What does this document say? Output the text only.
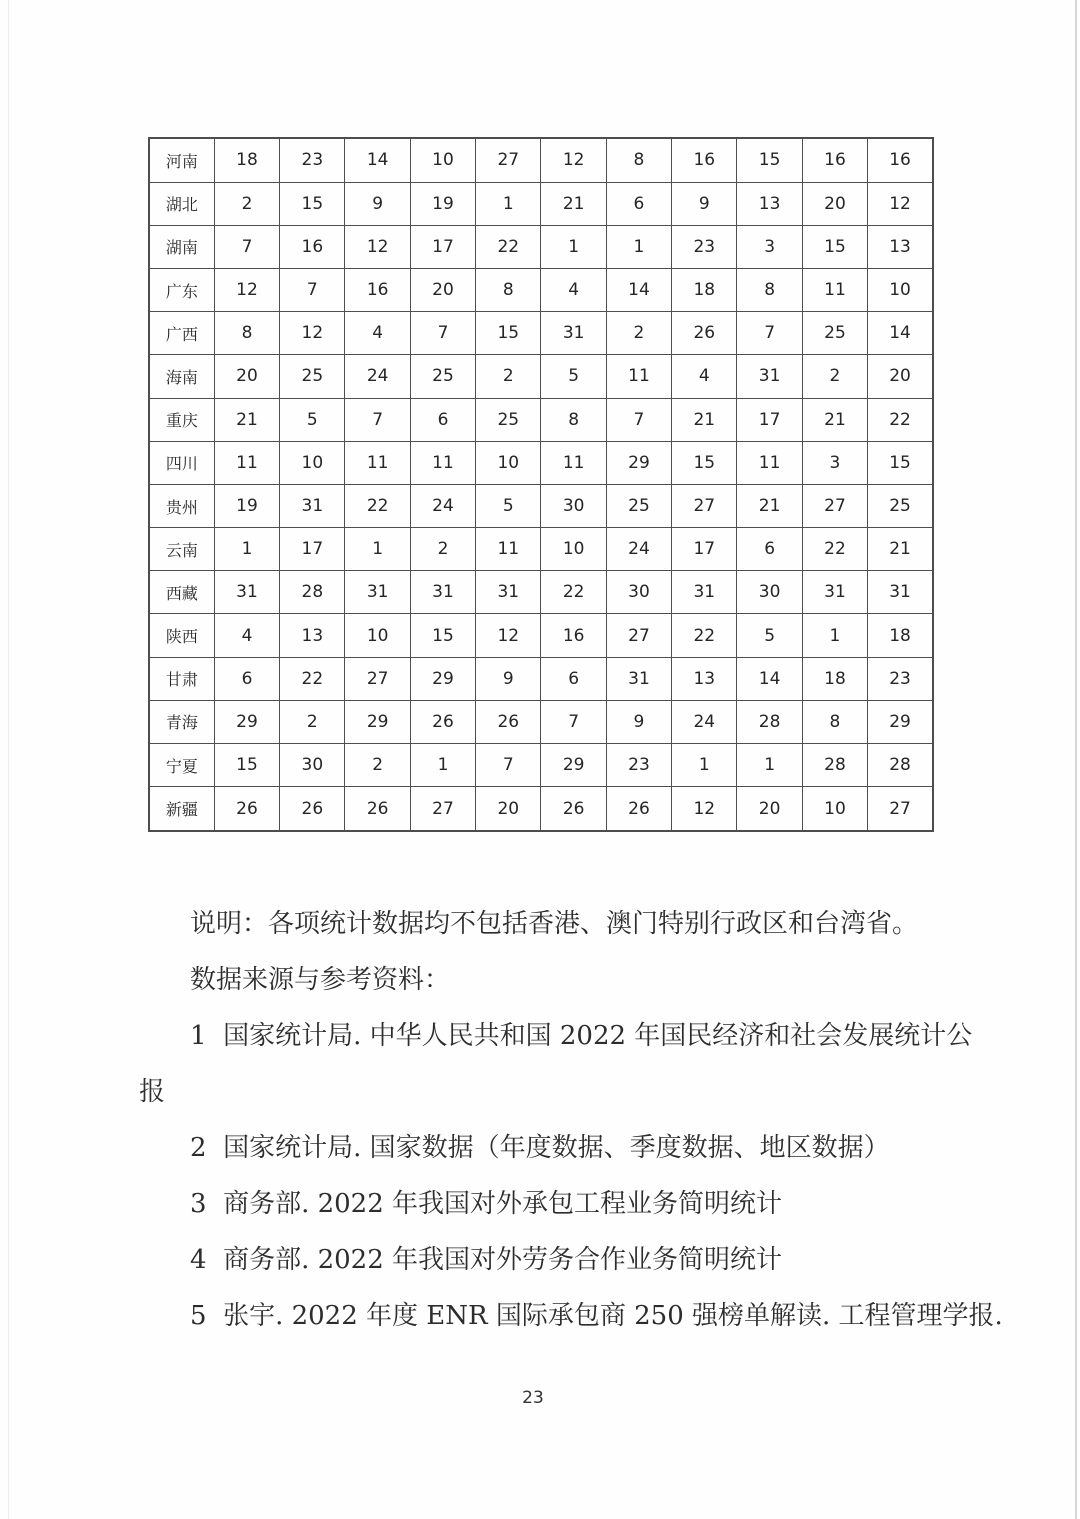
河南	18	23	14	10	27	12	8	16	15	16	16
湖北	2	15	9	19	1	21	6	9	13	20	12
湖南	7	16	12	17	22	1	1	23	3	15	13
广东	12	7	16	20	8	4	14	18	8	11	10
广西	8	12	4	7	15	31	2	26	7	25	14
海南	20	25	24	25	2	5	11	4	31	2	20
重庆	21	5	7	6	25	8	7	21	17	21	22
四川	11	10	11	11	10	11	29	15	11	3	15
贵州	19	31	22	24	5	30	25	27	21	27	25
云南	1	17	1	2	11	10	24	17	6	22	21
西藏	31	28	31	31	31	22	30	31	30	31	31
陕西	4	13	10	15	12	16	27	22	5	1	18
甘肃	6	22	27	29	9	6	31	13	14	18	23
青海	29	2	29	26	26	7	9	24	28	8	29
宁夏	15	30	2	1	7	29	23	1	1	28	28
新疆	26	26	26	27	20	26	26	12	20	10	27

说明：各项统计数据均不包括香港、澳门特别行政区和台湾省。

数据来源与参考资料：

1  国家统计局. 中华人民共和国 2022 年国民经济和社会发展统计公

报

2  国家统计局. 国家数据（年度数据、季度数据、地区数据）

3  商务部. 2022 年我国对外承包工程业务简明统计

4  商务部. 2022 年我国对外劳务合作业务简明统计

5  张宇. 2022 年度 ENR 国际承包商 250 强榜单解读. 工程管理学报.

23
